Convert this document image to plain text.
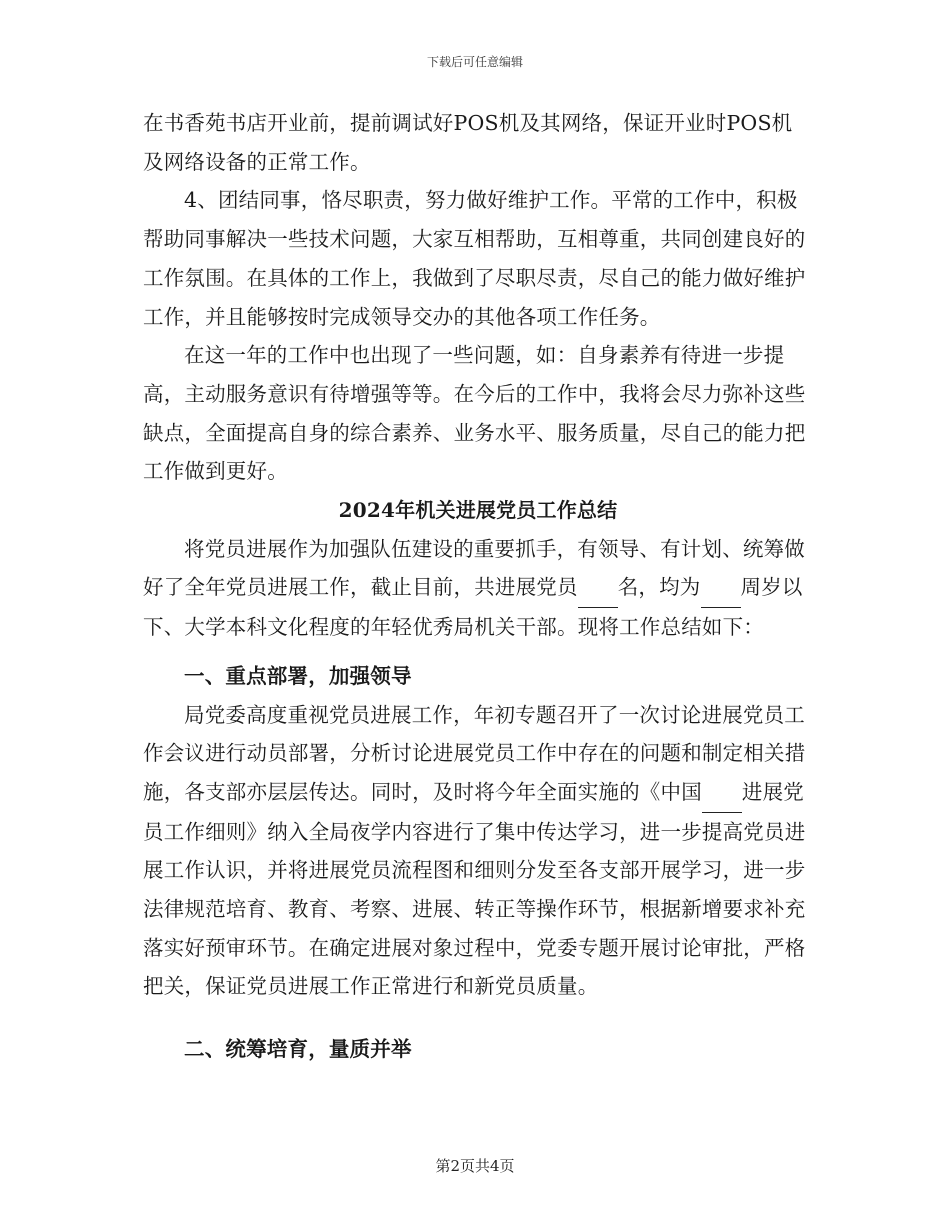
下载后可任意编辑

在书香苑书店开业前，提前调试好POS机及其网络，保证开业时POS机及网络设备的正常工作。

4、团结同事，恪尽职责，努力做好维护工作。平常的工作中，积极帮助同事解决一些技术问题，大家互相帮助，互相尊重，共同创建良好的工作氛围。在具体的工作上，我做到了尽职尽责，尽自己的能力做好维护工作，并且能够按时完成领导交办的其他各项工作任务。

在这一年的工作中也出现了一些问题，如：自身素养有待进一步提高，主动服务意识有待增强等等。在今后的工作中，我将会尽力弥补这些缺点，全面提高自身的综合素养、业务水平、服务质量，尽自己的能力把工作做到更好。

2024年机关进展党员工作总结

将党员进展作为加强队伍建设的重要抓手，有领导、有计划、统筹做好了全年党员进展工作，截止目前，共进展党员 名，均为 周岁以下、大学本科文化程度的年轻优秀局机关干部。现将工作总结如下：

一、重点部署，加强领导

局党委高度重视党员进展工作，年初专题召开了一次讨论进展党员工作会议进行动员部署，分析讨论进展党员工作中存在的问题和制定相关措施，各支部亦层层传达。同时，及时将今年全面实施的《中国 进展党员工作细则》纳入全局夜学内容进行了集中传达学习，进一步提高党员进展工作认识，并将进展党员流程图和细则分发至各支部开展学习，进一步法律规范培育、教育、考察、进展、转正等操作环节，根据新增要求补充落实好预审环节。在确定进展对象过程中，党委专题开展讨论审批，严格把关，保证党员进展工作正常进行和新党员质量。

二、统筹培育，量质并举

第2页共4页
